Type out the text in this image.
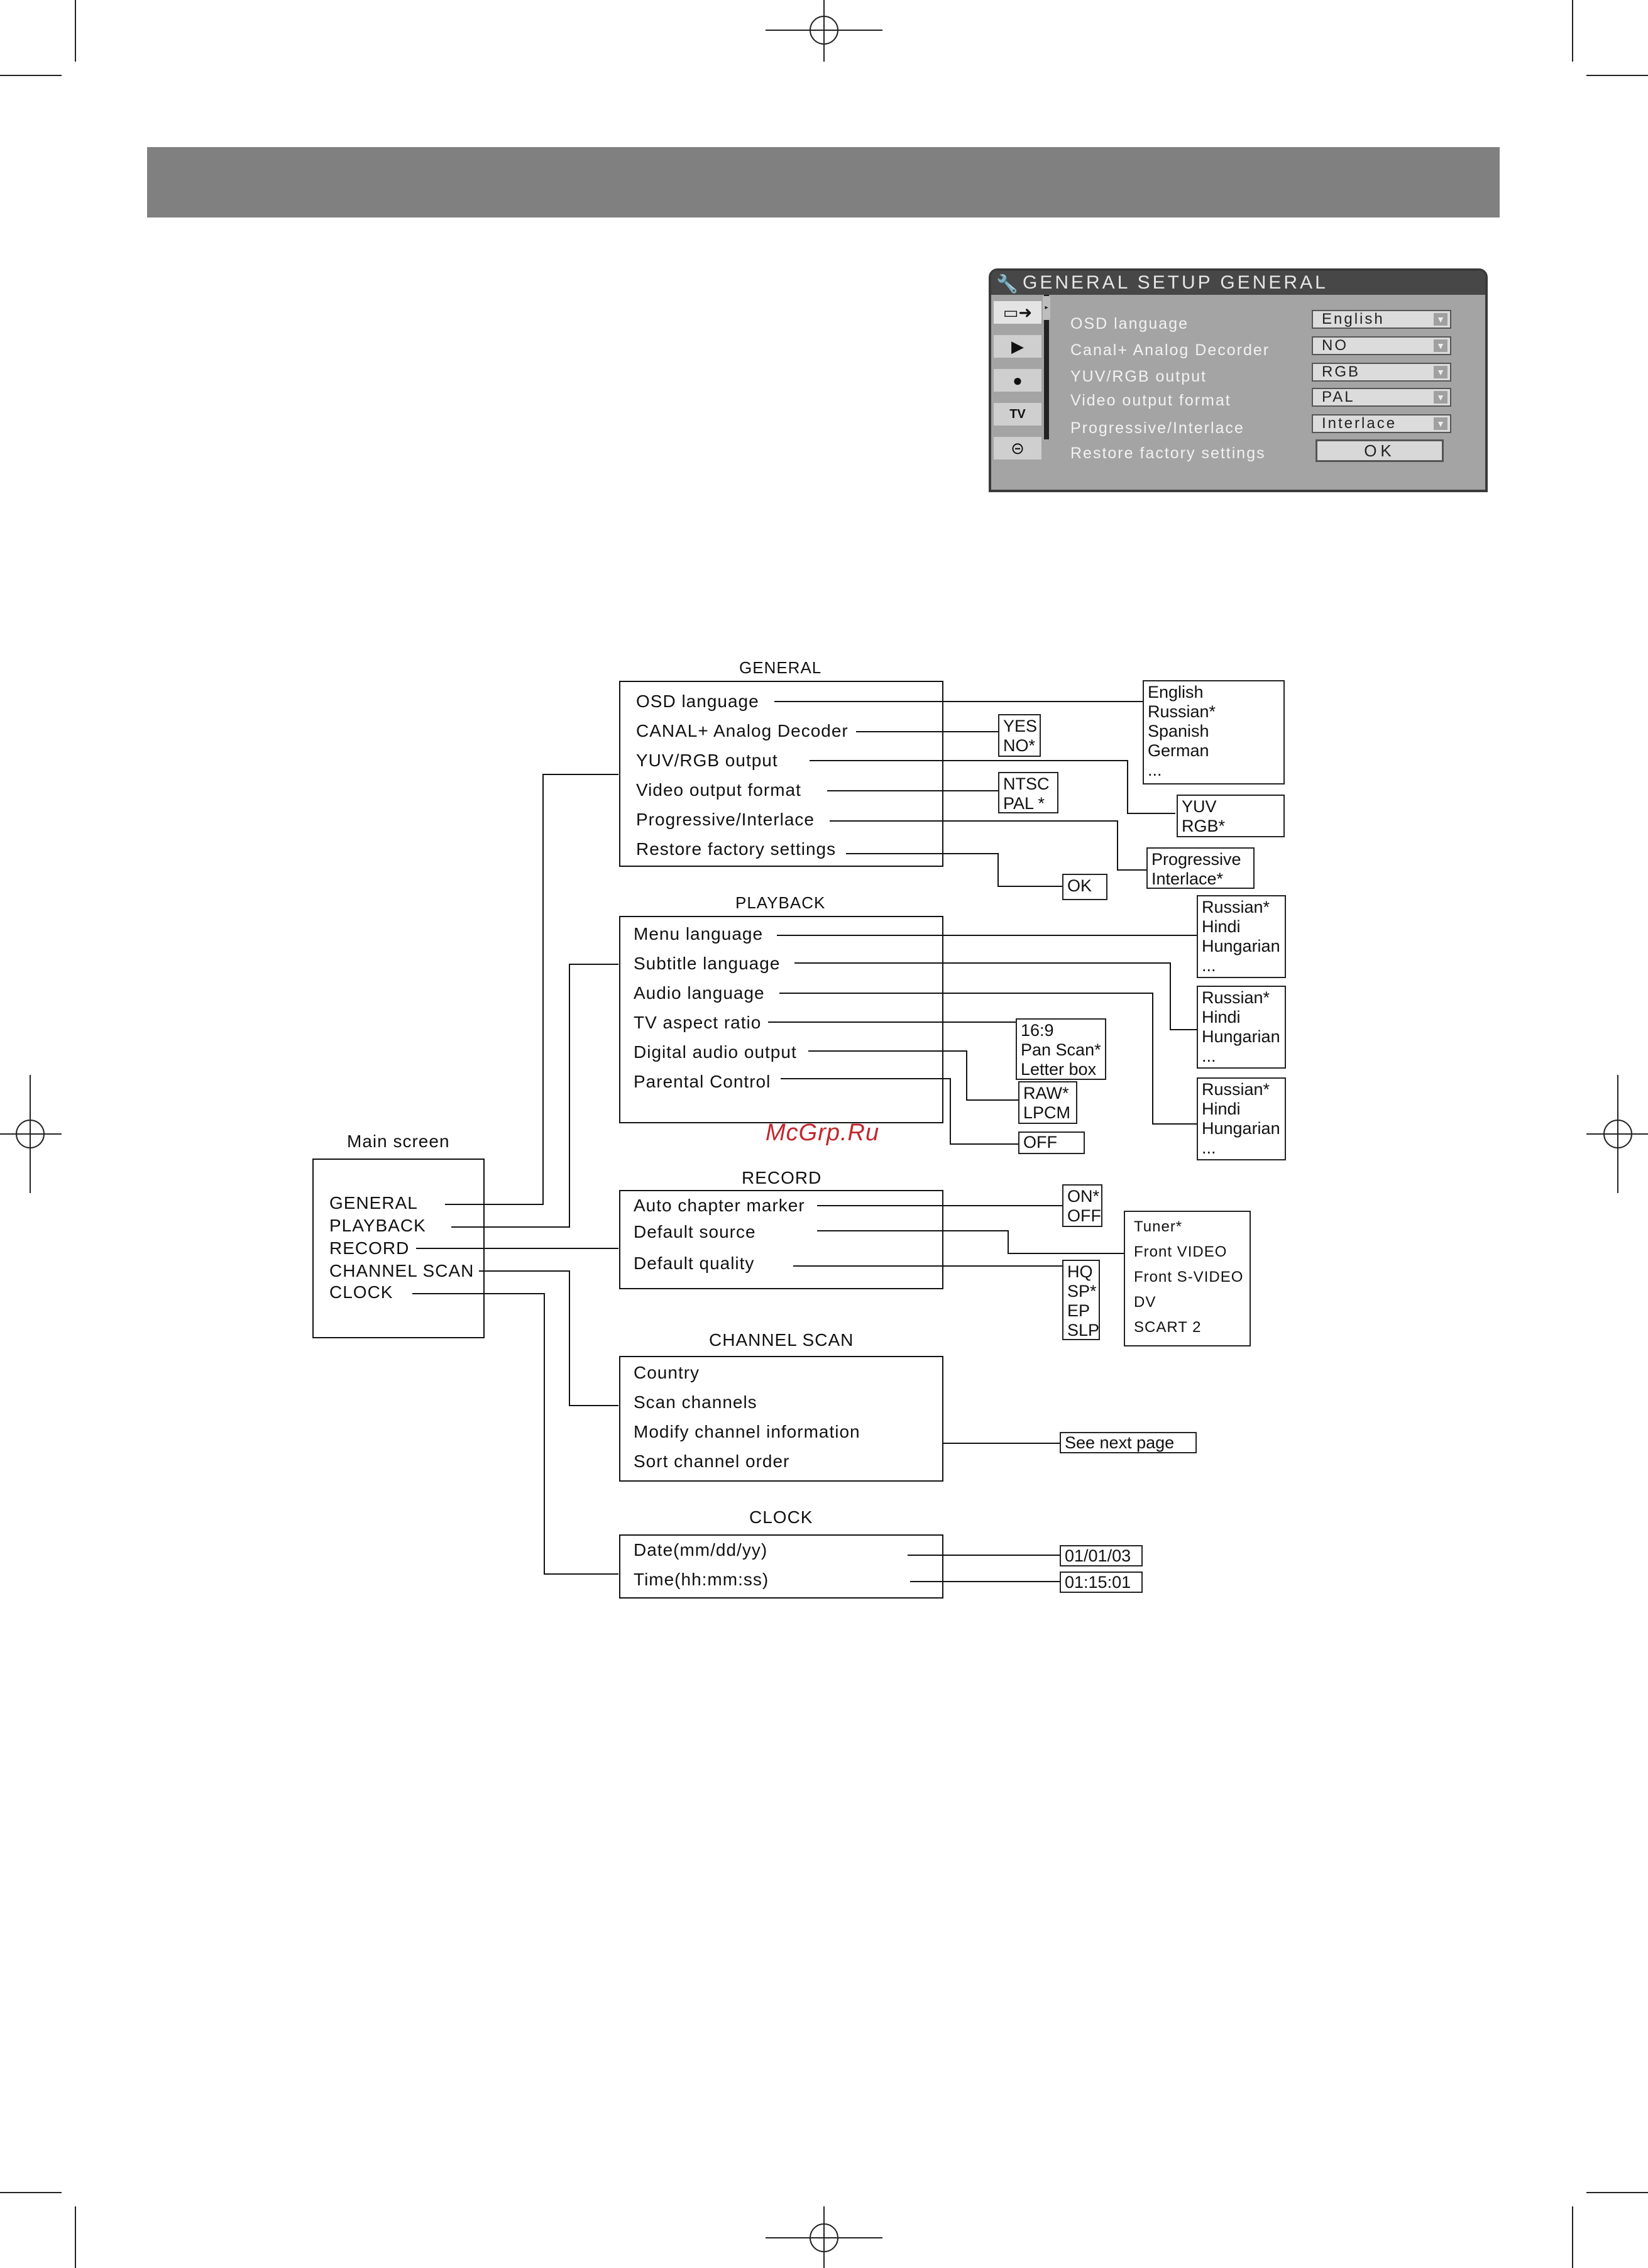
🔧 GENERAL SETUP GENERAL
▭➜
▶
●
TV
⊝
▸
OSD language	English	▼
Canal+ Analog Decorder	NO	▼
YUV/RGB output	RGB	▼
Video output format	PAL	▼
Progressive/Interlace	Interlace	▼
Restore factory settings	OK
GENERAL
PLAYBACK
RECORD
CHANNEL SCAN
CLOCK
Main screen
GENERAL
PLAYBACK
RECORD
CHANNEL SCAN
CLOCK
OSD language
CANAL+ Analog Decoder
YUV/RGB output
Video output format
Progressive/Interlace
Restore factory settings
Menu language
Subtitle language
Audio language
TV aspect ratio
Digital audio output
Parental Control
Auto chapter marker
Default source
Default quality
Country
Scan channels
Modify channel information
Sort channel order
Date(mm/dd/yy)
Time(hh:mm:ss)
English
Russian*
Spanish
German
...
YES
NO*
YUV
RGB*
NTSC
PAL *
Progressive
Interlace*
OK
Russian*
Hindi
Hungarian
...
Russian*
Hindi
Hungarian
...
Russian*
Hindi
Hungarian
...
16:9
Pan Scan*
Letter box
RAW*
LPCM
OFF
ON*
OFF
Tuner*
Front VIDEO
Front S-VIDEO
DV
SCART 2
HQ
SP*
EP
SLP
See next page
01/01/03
01:15:01
McGrp.Ru
